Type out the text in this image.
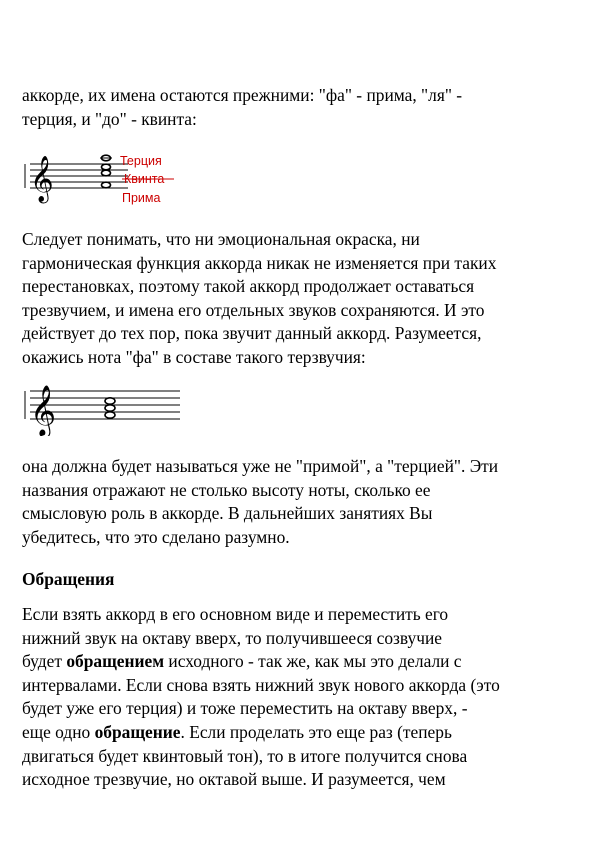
аккорде, их имена остаются прежними: "фа" - прима, "ля" -
терция, и "до" - квинта:

𝄞	Терция
Квинта
Прима

Следует понимать, что ни эмоциональная окраска, ни
гармоническая функция аккорда никак не изменяется при таких
перестановках, поэтому такой аккорд продолжает оставаться
трезвучием, и имена его отдельных звуков сохраняются. И это
действует до тех пор, пока звучит данный аккорд. Разумеется,
окажись нота "фа" в составе такого терзвучия:

𝄞

она должна будет называться уже не "примой", а "терцией". Эти
названия отражают не столько высоту ноты, сколько ее
смысловую роль в аккорде. В дальнейших занятиях Вы
убедитесь, что это сделано разумно.

Обращения

Если взять аккорд в его основном виде и переместить его
нижний звук на октаву вверх, то получившееся созвучие
будет обращением исходного - так же, как мы это делали с
интервалами. Если снова взять нижний звук нового аккорда (это
будет уже его терция) и тоже переместить на октаву вверх, -
еще одно обращение. Если проделать это еще раз (теперь
двигаться будет квинтовый тон), то в итоге получится снова
исходное трезвучие, но октавой выше. И разумеется, чем
